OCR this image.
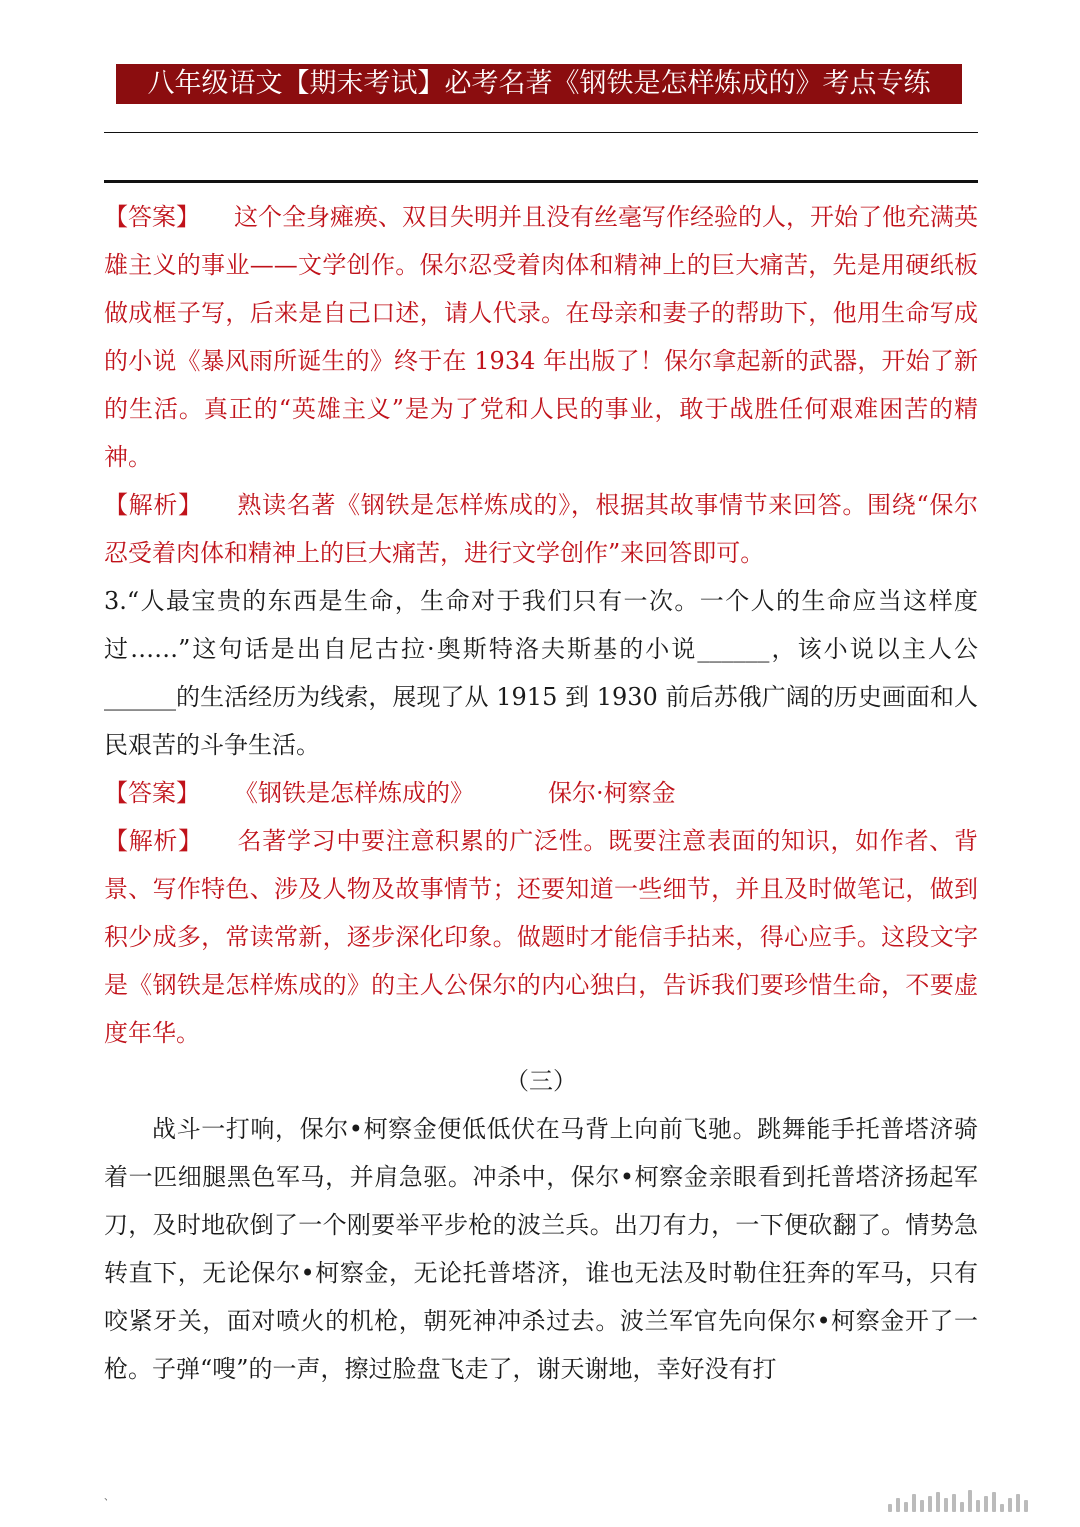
八年级语文【期末考试】必考名著《钢铁是怎样炼成的》考点专练

【答案】 这个全身瘫痪、双目失明并且没有丝毫写作经验的人，开始了他充满英雄主义的事业——文学创作。保尔忍受着肉体和精神上的巨大痛苦，先是用硬纸板做成框子写，后来是自己口述，请人代录。在母亲和妻子的帮助下，他用生命写成的小说《暴风雨所诞生的》终于在 1934 年出版了！保尔拿起新的武器，开始了新的生活。真正的“英雄主义”是为了党和人民的事业，敢于战胜任何艰难困苦的精神。

【解析】 熟读名著《钢铁是怎样炼成的》，根据其故事情节来回答。围绕“保尔忍受着肉体和精神上的巨大痛苦，进行文学创作”来回答即可。

3.“人最宝贵的东西是生命，生命对于我们只有一次。一个人的生命应当这样度过……”这句话是出自尼古拉·奥斯特洛夫斯基的小说______，该小说以主人公______的生活经历为线索，展现了从 1915 到 1930 前后苏俄广阔的历史画面和人民艰苦的斗争生活。

【答案】 《钢铁是怎样炼成的》	保尔·柯察金

【解析】 名著学习中要注意积累的广泛性。既要注意表面的知识，如作者、背景、写作特色、涉及人物及故事情节；还要知道一些细节，并且及时做笔记，做到积少成多，常读常新，逐步深化印象。做题时才能信手拈来，得心应手。这段文字是《钢铁是怎样炼成的》的主人公保尔的内心独白，告诉我们要珍惜生命，不要虚度年华。

（三）

战斗一打响，保尔•柯察金便低低伏在马背上向前飞驰。跳舞能手托普塔济骑着一匹细腿黑色军马，并肩急驱。冲杀中，保尔•柯察金亲眼看到托普塔济扬起军刀，及时地砍倒了一个刚要举平步枪的波兰兵。出刀有力，一下便砍翻了。情势急转直下，无论保尔•柯察金，无论托普塔济，谁也无法及时勒住狂奔的军马，只有咬紧牙关，面对喷火的机枪，朝死神冲杀过去。波兰军官先向保尔•柯察金开了一枪。子弹“嗖”的一声，擦过脸盘飞走了，谢天谢地，幸好没有打

、
